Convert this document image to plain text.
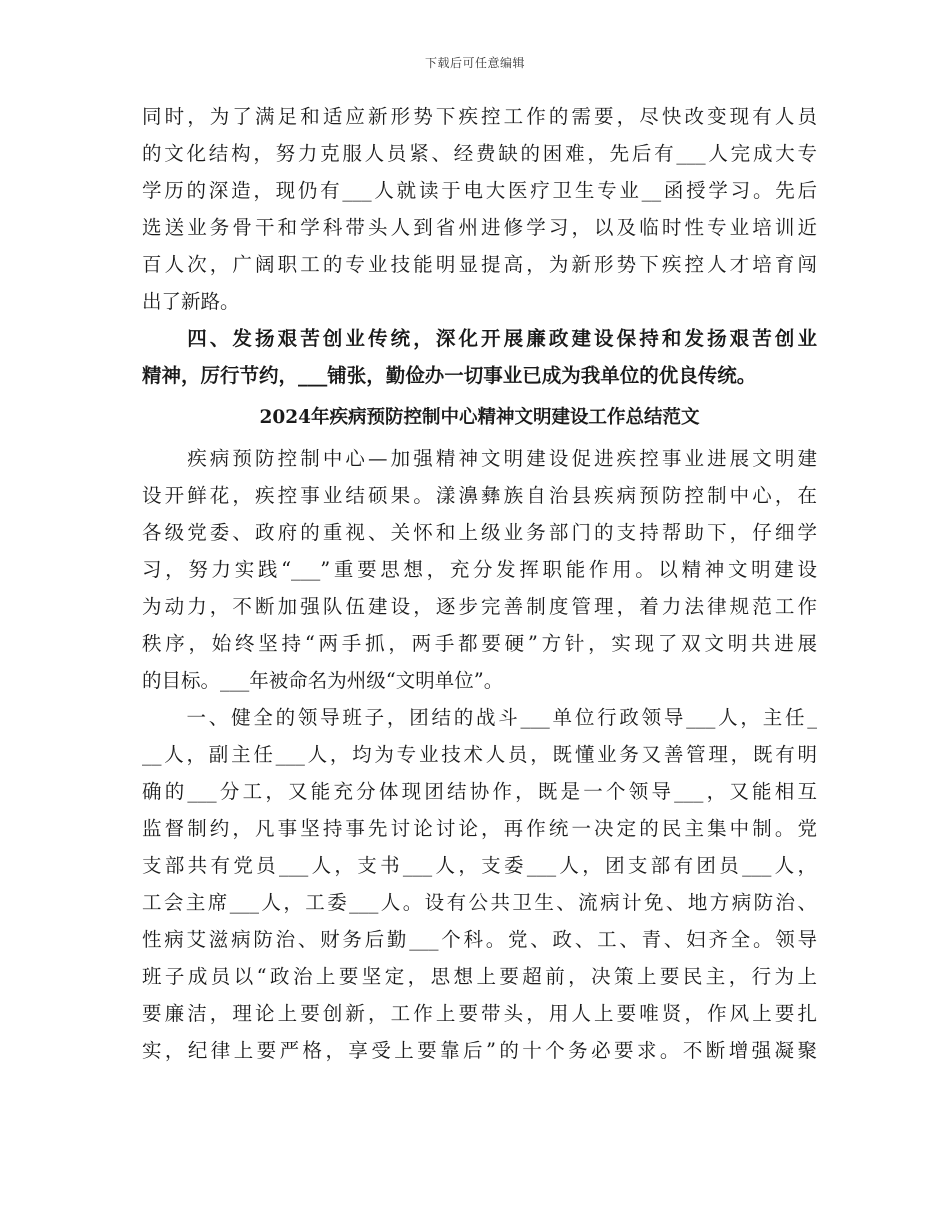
下载后可任意编辑
同时，为了满足和适应新形势下疾控工作的需要，尽快改变现有人员
的文化结构，努力克服人员紧、经费缺的困难，先后有___人完成大专
学历的深造，现仍有___人就读于电大医疗卫生专业__函授学习。先后
选送业务骨干和学科带头人到省州进修学习，以及临时性专业培训近
百人次，广阔职工的专业技能明显提高，为新形势下疾控人才培育闯
出了新路。
　　四、发扬艰苦创业传统，深化开展廉政建设保持和发扬艰苦创业
精神，厉行节约，___铺张，勤俭办一切事业已成为我单位的优良传统。
2024年疾病预防控制中心精神文明建设工作总结范文
　　疾病预防控制中心—加强精神文明建设促进疾控事业进展文明建
设开鲜花，疾控事业结硕果。漾濞彝族自治县疾病预防控制中心，在
各级党委、政府的重视、关怀和上级业务部门的支持帮助下，仔细学
习，努力实践“___”重要思想，充分发挥职能作用。以精神文明建设
为动力，不断加强队伍建设，逐步完善制度管理，着力法律规范工作
秩序，始终坚持“两手抓，两手都要硬”方针，实现了双文明共进展
的目标。___年被命名为州级“文明单位”。
　　一、健全的领导班子，团结的战斗___单位行政领导___人，主任_
__人，副主任___人，均为专业技术人员，既懂业务又善管理，既有明
确的___分工，又能充分体现团结协作，既是一个领导___，又能相互
监督制约，凡事坚持事先讨论讨论，再作统一决定的民主集中制。党
支部共有党员___人，支书___人，支委___人，团支部有团员___人，
工会主席___人，工委___人。设有公共卫生、流病计免、地方病防治、
性病艾滋病防治、财务后勤___个科。党、政、工、青、妇齐全。领导
班子成员以“政治上要坚定，思想上要超前，决策上要民主，行为上
要廉洁，理论上要创新，工作上要带头，用人上要唯贤，作风上要扎
实，纪律上要严格，享受上要靠后”的十个务必要求。不断增强凝聚
